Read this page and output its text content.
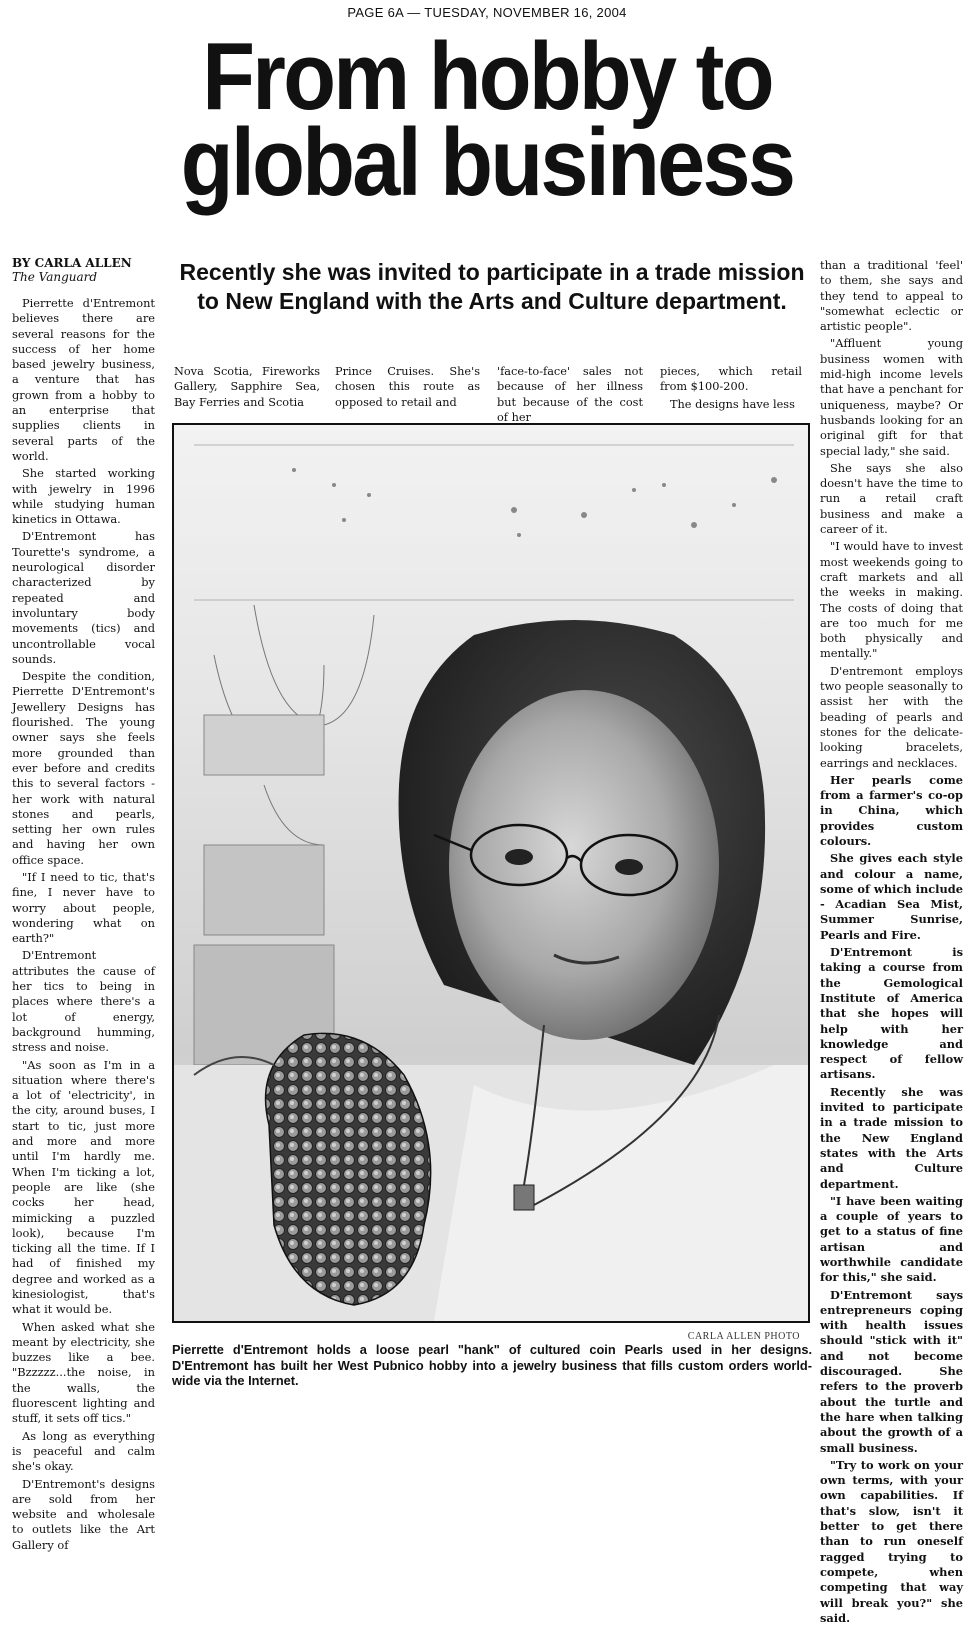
PAGE 6A — TUESDAY, NOVEMBER 16, 2004
From hobby to
global business
BY CARLA ALLEN
The Vanguard	Recently she was invited to participate in a trade mission to New England with the Arts and Culture department.

Pierrette d'Entremont believes there are several reasons for the success of her home based jewelry business, a venture that has grown from a hobby to an enterprise that supplies clients in several parts of the world.

She started working with jewelry in 1996 while studying human kinetics in Ottawa.

D'Entremont has Tourette's syndrome, a neurological disorder characterized by repeated and involuntary body movements (tics) and uncontrollable vocal sounds.

Despite the condition, Pierrette D'Entremont's Jewellery Designs has flourished. The young owner says she feels more grounded than ever before and credits this to several factors - her work with natural stones and pearls, setting her own rules and having her own office space.

"If I need to tic, that's fine, I never have to worry about people, wondering what on earth?"

D'Entremont attributes the cause of her tics to being in places where there's a lot of energy, background humming, stress and noise.

"As soon as I'm in a situation where there's a lot of 'electricity', in the city, around buses, I start to tic, just more and more and more until I'm hardly me. When I'm ticking a lot, people are like (she cocks her head, mimicking a puzzled look), because I'm ticking all the time. If I had of finished my degree and worked as a kinesiologist, that's what it would be.

When asked what she meant by electricity, she buzzes like a bee. "Bzzzzz...the noise, in the walls, the fluorescent lighting and stuff, it sets off tics."

As long as everything is peaceful and calm she's okay.

D'Entremont's designs are sold from her website and wholesale to outlets like the Art Gallery of

Nova Scotia, Fireworks Gallery, Sapphire Sea, Bay Ferries and Scotia

Prince Cruises. She's chosen this route as opposed to retail and

'face-to-face' sales not because of her illness but because of the cost of her

pieces, which retail from $100-200.

The designs have less

than a traditional 'feel' to them, she says and they tend to appeal to "somewhat eclectic or artistic people".

"Affluent young business women with mid-high income levels that have a penchant for uniqueness, maybe? Or husbands looking for an original gift for that special lady," she said.

She says she also doesn't have the time to run a retail craft business and make a career of it.

"I would have to invest most weekends going to craft markets and all the weeks in making. The costs of doing that are too much for me both physically and mentally."

D'entremont employs two people seasonally to assist her with the beading of pearls and stones for the delicate-looking bracelets, earrings and necklaces.

Her pearls come from a farmer's co-op in China, which provides custom colours.

She gives each style and colour a name, some of which include - Acadian Sea Mist, Summer Sunrise, Pearls and Fire.

D'Entremont is taking a course from the Gemological Institute of America that she hopes will help with her knowledge and respect of fellow artisans.

Recently she was invited to participate in a trade mission to the New England states with the Arts and Culture department.

"I have been waiting a couple of years to get to a status of fine artisan and worthwhile candidate for this," she said.

D'Entremont says entrepreneurs coping with health issues should "stick with it" and not become discouraged. She refers to the proverb about the turtle and the hare when talking about the growth of a small business.

"Try to work on your own terms, with your own capabilities. If that's slow, isn't it better to get there than to run oneself ragged trying to compete, when competing that way will break you?" she said.

CARLA ALLEN PHOTO
Pierrette d'Entremont holds a loose pearl "hank" of cultured coin Pearls used in her designs. D'Entremont has built her West Pubnico hobby into a jewelry business that fills custom orders world-wide via the Internet.
